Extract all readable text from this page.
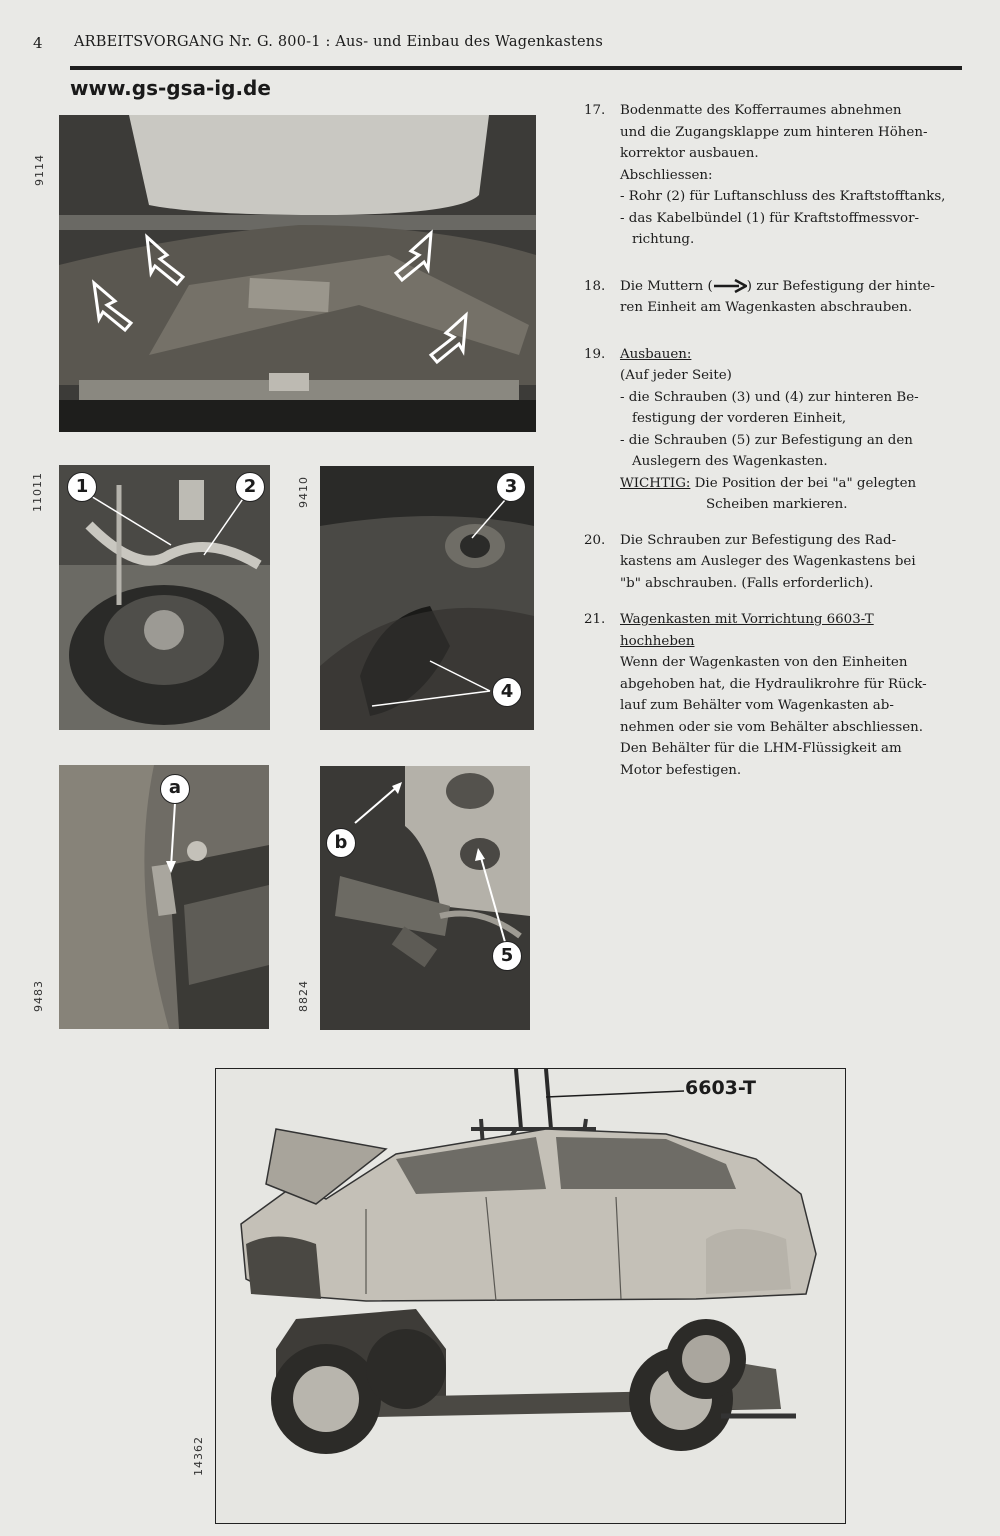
4 ARBEITSVORGANG Nr. G. 800-1 : Aus- und Einbau des Wagenkastens
www.gs-gsa-ig.de
9114
1	2
11011	3
4
9410
a
9483
b
5
8824
17. Bodenmatte des Kofferraumes abnehmen
und die Zugangsklappe zum hinteren Höhen-
korrektor ausbauen.
Abschliessen:
- Rohr (2) für Luftanschluss des Kraftstofftanks,
- das Kabelbündel (1) für Kraftstoffmessvor-
richtung.
18. Die Muttern (	) zur Befestigung der hinte-
ren Einheit am Wagenkasten abschrauben.
19. Ausbauen:
(Auf jeder Seite)
- die Schrauben (3) und (4) zur hinteren Be-
festigung der vorderen Einheit,
- die Schrauben (5) zur Befestigung an den
Auslegern des Wagenkasten.
WICHTIG: Die Position der bei "a" gelegten
Scheiben markieren.
20. Die Schrauben zur Befestigung des Rad-
kastens am Ausleger des Wagenkastens bei
"b" abschrauben. (Falls erforderlich).
21. Wagenkasten mit Vorrichtung 6603-T
hochheben
Wenn der Wagenkasten von den Einheiten
abgehoben hat, die Hydraulikrohre für Rück-
lauf zum Behälter vom Wagenkasten ab-
nehmen oder sie vom Behälter abschliessen.
Den Behälter für die LHM-Flüssigkeit am
Motor befestigen.
6603-T
14362
